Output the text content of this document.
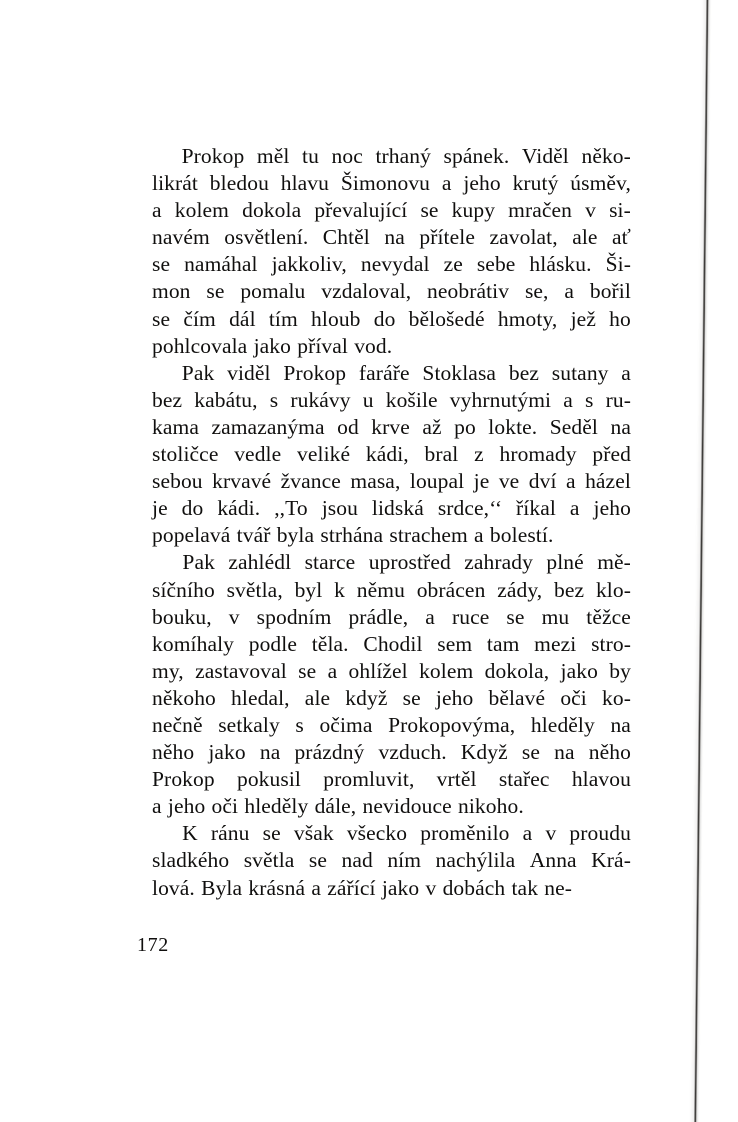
Prokop měl tu noc trhaný spánek. Viděl něko-
likrát bledou hlavu Šimonovu a jeho krutý úsměv,
a kolem dokola převalující se kupy mračen v si-
navém osvětlení. Chtěl na přítele zavolat, ale ať
se namáhal jakkoliv, nevydal ze sebe hlásku. Ši-
mon se pomalu vzdaloval, neobrátiv se, a bořil
se čím dál tím hloub do bělošedé hmoty, jež ho
pohlcovala jako příval vod.

Pak viděl Prokop faráře Stoklasa bez sutany a
bez kabátu, s rukávy u košile vyhrnutými a s ru-
kama zamazanýma od krve až po lokte. Seděl na
stoličce vedle veliké kádi, bral z hromady před
sebou krvavé žvance masa, loupal je ve dví a házel
je do kádi. ,,To jsou lidská srdce,‘‘ říkal a jeho
popelavá tvář byla strhána strachem a bolestí.

Pak zahlédl starce uprostřed zahrady plné mě-
síčního světla, byl k němu obrácen zády, bez klo-
bouku, v spodním prádle, a ruce se mu těžce
komíhaly podle těla. Chodil sem tam mezi stro-
my, zastavoval se a ohlížel kolem dokola, jako by
někoho hledal, ale když se jeho bělavé oči ko-
nečně setkaly s očima Prokopovýma, hleděly na
něho jako na prázdný vzduch. Když se na něho
Prokop pokusil promluvit, vrtěl stařec hlavou
a jeho oči hleděly dále, nevidouce nikoho.

K ránu se však všecko proměnilo a v proudu
sladkého světla se nad ním nachýlila Anna Krá-
lová. Byla krásná a zářící jako v dobách tak ne-

172
